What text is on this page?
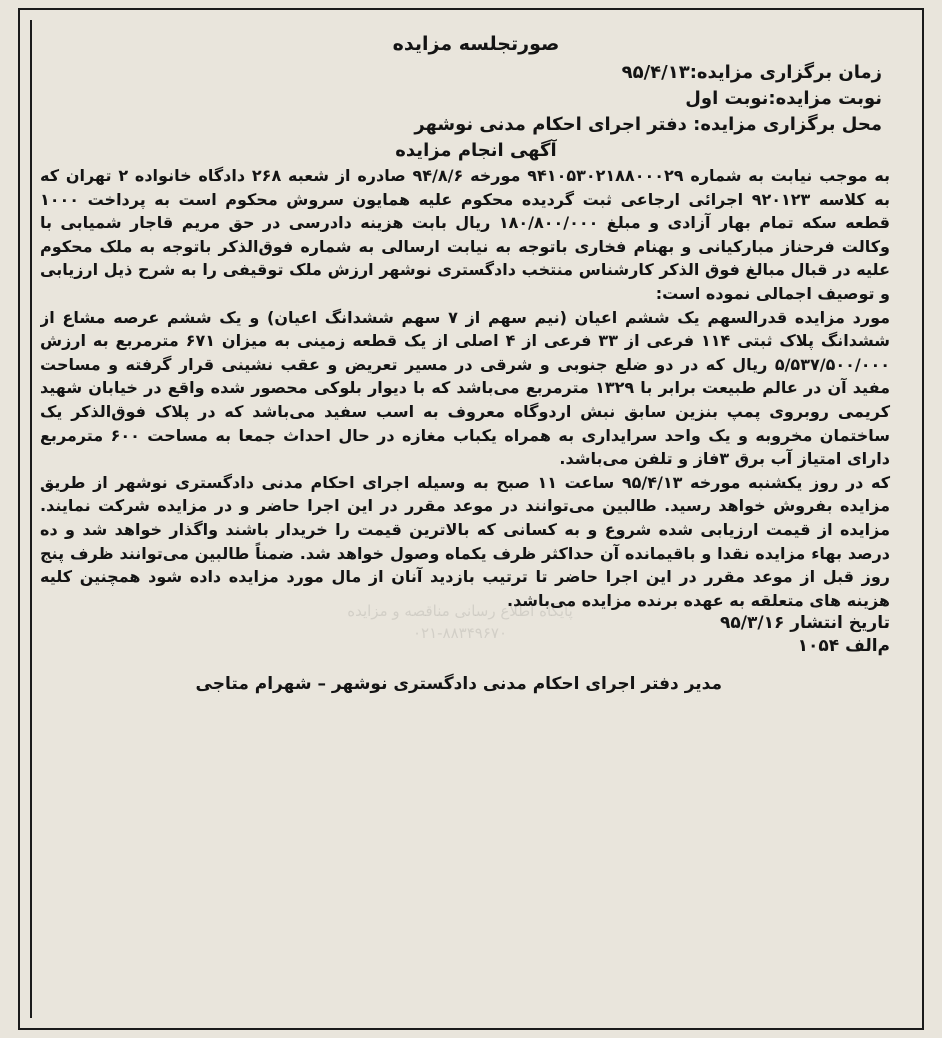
پایگاه اطلاع رسانی مناقصه و مزایده
۰۲۱-۸۸۳۴۹۶۷۰
صورتجلسه مزایده
زمان برگزاری مزایده:۹۵/۴/۱۳
نوبت مزایده:نوبت اول
محل برگزاری مزایده: دفتر اجرای احکام مدنی نوشهر
آگهی انجام مزایده

به موجب نیابت به شماره ۹۴۱۰۵۳۰۲۱۸۸۰۰۰۲۹ مورخه ۹۴/۸/۶ صادره از شعبه ۲۶۸ دادگاه خانواده ۲ تهران که به کلاسه ۹۲۰۱۲۳ اجرائی ارجاعی ثبت گردیده محکوم علیه همایون سروش محکوم است به پرداخت ۱۰۰۰ قطعه سکه تمام بهار آزادی و مبلغ ۱۸۰/۸۰۰/۰۰۰ ریال بابت هزینه دادرسی در حق مریم قاجار شمیابی با وکالت فرحناز مبارکیانی و بهنام فخاری باتوجه به نیابت ارسالی به شماره فوق‌الذکر باتوجه به ملک محکوم علیه در قبال مبالغ فوق الذکر کارشناس منتخب دادگستری نوشهر ارزش ملک توقیفی را به شرح ذیل ارزیابی و توصیف اجمالی نموده است:

مورد مزایده قدرالسهم یک ششم اعیان (نیم سهم از ۷ سهم ششدانگ اعیان) و یک ششم عرصه مشاع از ششدانگ پلاک ثبتی ۱۱۴ فرعی از ۳۳ فرعی از ۴ اصلی از یک قطعه زمینی به میزان ۶۷۱ مترمربع به ارزش ۵/۵۳۷/۵۰۰/۰۰۰ ریال که در دو ضلع جنوبی و شرقی در مسیر تعریض و عقب نشینی قرار گرفته و مساحت مفید آن در عالم طبیعت برابر با ۱۳۲۹ مترمربع می‌باشد که با دیوار بلوکی محصور شده واقع در خیابان شهید کریمی روبروی پمپ بنزین سابق نبش اردوگاه معروف به اسب سفید می‌باشد که در پلاک فوق‌الذکر یک ساختمان مخروبه و یک واحد سرایداری به همراه یکباب مغازه در حال احداث جمعا به مساحت ۶۰۰ مترمربع دارای امتیاز آب برق ۳فاز و تلفن می‌باشد.

که در روز یکشنبه مورخه ۹۵/۴/۱۳ ساعت ۱۱ صبح به وسیله اجرای احکام مدنی دادگستری نوشهر از طریق مزایده بفروش خواهد رسید. طالبین می‌توانند در موعد مقرر در این اجرا حاضر و در مزایده شرکت نمایند. مزایده از قیمت ارزیابی شده شروع و به کسانی که بالاترین قیمت را خریدار باشند واگذار خواهد شد و ده درصد بهاء مزایده نقدا و باقیمانده آن حداکثر ظرف یکماه وصول خواهد شد. ضمناً طالبین می‌توانند ظرف پنج روز قبل از موعد مقرر در این اجرا حاضر تا ترتیب بازدید آنان از مال مورد مزایده داده شود همچنین کلیه هزینه های متعلقه به عهده برنده مزایده می‌باشد.

تاریخ انتشار ۹۵/۳/۱۶
م‌الف ۱۰۵۴
مدیر دفتر اجرای احکام مدنی دادگستری نوشهر – شهرام متاجی
